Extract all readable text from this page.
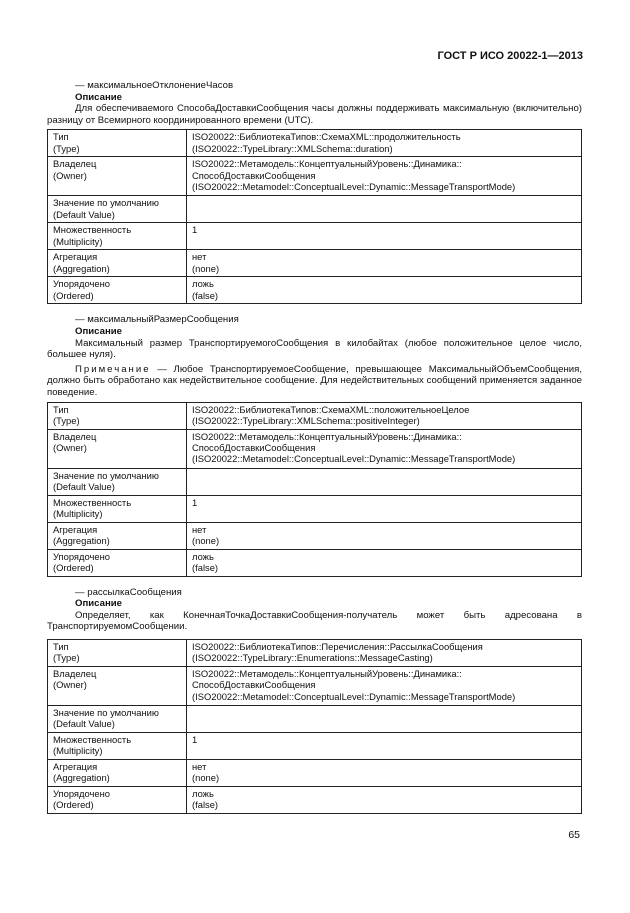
ГОСТ Р ИСО 20022-1—2013
— максимальноеОтклонениеЧасов
Описание
Для обеспечиваемого СпособаДоставкиСообщения часы должны поддерживать максимальную (включительно) разницу от Всемирного координированного времени (UTC).
Тип
(Type)	ISO20022::БиблиотекаТипов::СхемаXML::продолжительность
(ISO20022::TypeLibrary::XMLSchema::duration)

Владелец
(Owner)	ISO20022::Метамодель::КонцептуальныйУровень::Динамика::
СпособДоставкиСообщения
(ISO20022::Metamodel::ConceptualLevel::Dynamic::MessageTransportMode)

Значение по умолчанию
(Default Value)	

Множественность
(Multiplicity)	1

Агрегация
(Aggregation)	нет
(none)

Упорядочено
(Ordered)	ложь
(false)
— максимальныйРазмерСообщения
Описание
Максимальный размер ТранспортируемогоСообщения в килобайтах (любое положительное целое число, большее нуля).
Примечание — Любое ТранспортируемоеСообщение, превышающее МаксимальныйОбъемСообщения, должно быть обработано как недействительное сообщение. Для недействительных сообщений применяется заданное поведение.
Тип
(Type)	ISO20022::БиблиотекаТипов::СхемаXML::положительноеЦелое
(ISO20022::TypeLibrary::XMLSchema::positiveInteger)

Владелец
(Owner)	ISO20022::Метамодель::КонцептуальныйУровень::Динамика::
СпособДоставкиСообщения
(ISO20022::Metamodel::ConceptualLevel::Dynamic::MessageTransportMode)

Значение по умолчанию
(Default Value)	

Множественность
(Multiplicity)	1

Агрегация
(Aggregation)	нет
(none)

Упорядочено
(Ordered)	ложь
(false)
— рассылкаСообщения
Описание
Определяет, как КонечнаяТочкаДоставкиСообщения-получатель может быть адресована в ТранспортируемомСообщении.
Тип
(Type)	ISO20022::БиблиотекаТипов::Перечисления::РассылкаСообщения
(ISO20022::TypeLibrary::Enumerations::MessageCasting)

Владелец
(Owner)	ISO20022::Метамодель::КонцептуальныйУровень::Динамика::
СпособДоставкиСообщения
(ISO20022::Metamodel::ConceptualLevel::Dynamic::MessageTransportMode)

Значение по умолчанию
(Default Value)	

Множественность
(Multiplicity)	1

Агрегация
(Aggregation)	нет
(none)

Упорядочено
(Ordered)	ложь
(false)
65
